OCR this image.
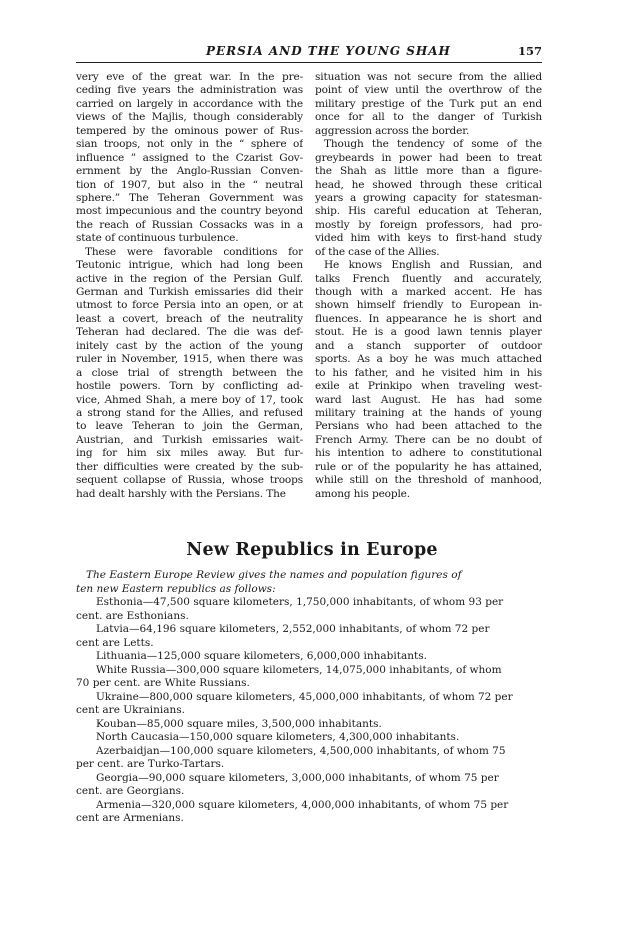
PERSIA AND THE YOUNG SHAH	157
very eve of the great war. In the pre-
ceding five years the administration was
carried on largely in accordance with the
views of the Majlis, though considerably
tempered by the ominous power of Rus-
sian troops, not only in the “ sphere of
influence ” assigned to the Czarist Gov-
ernment by the Anglo-Russian Conven-
tion of 1907, but also in the “ neutral
sphere.” The Teheran Government was
most impecunious and the country beyond
the reach of Russian Cossacks was in a
state of continuous turbulence.
These were favorable conditions for
Teutonic intrigue, which had long been
active in the region of the Persian Gulf.
German and Turkish emissaries did their
utmost to force Persia into an open, or at
least a covert, breach of the neutrality
Teheran had declared. The die was def-
initely cast by the action of the young
ruler in November, 1915, when there was
a close trial of strength between the
hostile powers. Torn by conflicting ad-
vice, Ahmed Shah, a mere boy of 17, took
a strong stand for the Allies, and refused
to leave Teheran to join the German,
Austrian, and Turkish emissaries wait-
ing for him six miles away. But fur-
ther difficulties were created by the sub-
sequent collapse of Russia, whose troops
had dealt harshly with the Persians. The
situation was not secure from the allied
point of view until the overthrow of the
military prestige of the Turk put an end
once for all to the danger of Turkish
aggression across the border.
Though the tendency of some of the
greybeards in power had been to treat
the Shah as little more than a figure-
head, he showed through these critical
years a growing capacity for statesman-
ship. His careful education at Teheran,
mostly by foreign professors, had pro-
vided him with keys to first-hand study
of the case of the Allies.
He knows English and Russian, and
talks French fluently and accurately,
though with a marked accent. He has
shown himself friendly to European in-
fluences. In appearance he is short and
stout. He is a good lawn tennis player
and a stanch supporter of outdoor
sports. As a boy he was much attached
to his father, and he visited him in his
exile at Prinkipo when traveling west-
ward last August. He has had some
military training at the hands of young
Persians who had been attached to the
French Army. There can be no doubt of
his intention to adhere to constitutional
rule or of the popularity he has attained,
while still on the threshold of manhood,
among his people.
New Republics in Europe
The Eastern Europe Review gives the names and population figures of
ten new Eastern republics as follows:
Esthonia—47,500 square kilometers, 1,750,000 inhabitants, of whom 93 per
cent. are Esthonians.
Latvia—64,196 square kilometers, 2,552,000 inhabitants, of whom 72 per
cent are Letts.
Lithuania—125,000 square kilometers, 6,000,000 inhabitants.
White Russia—300,000 square kilometers, 14,075,000 inhabitants, of whom
70 per cent. are White Russians.
Ukraine—800,000 square kilometers, 45,000,000 inhabitants, of whom 72 per
cent are Ukrainians.
Kouban—85,000 square miles, 3,500,000 inhabitants.
North Caucasia—150,000 square kilometers, 4,300,000 inhabitants.
Azerbaidjan—100,000 square kilometers, 4,500,000 inhabitants, of whom 75
per cent. are Turko-Tartars.
Georgia—90,000 square kilometers, 3,000,000 inhabitants, of whom 75 per
cent. are Georgians.
Armenia—320,000 square kilometers, 4,000,000 inhabitants, of whom 75 per
cent are Armenians.
